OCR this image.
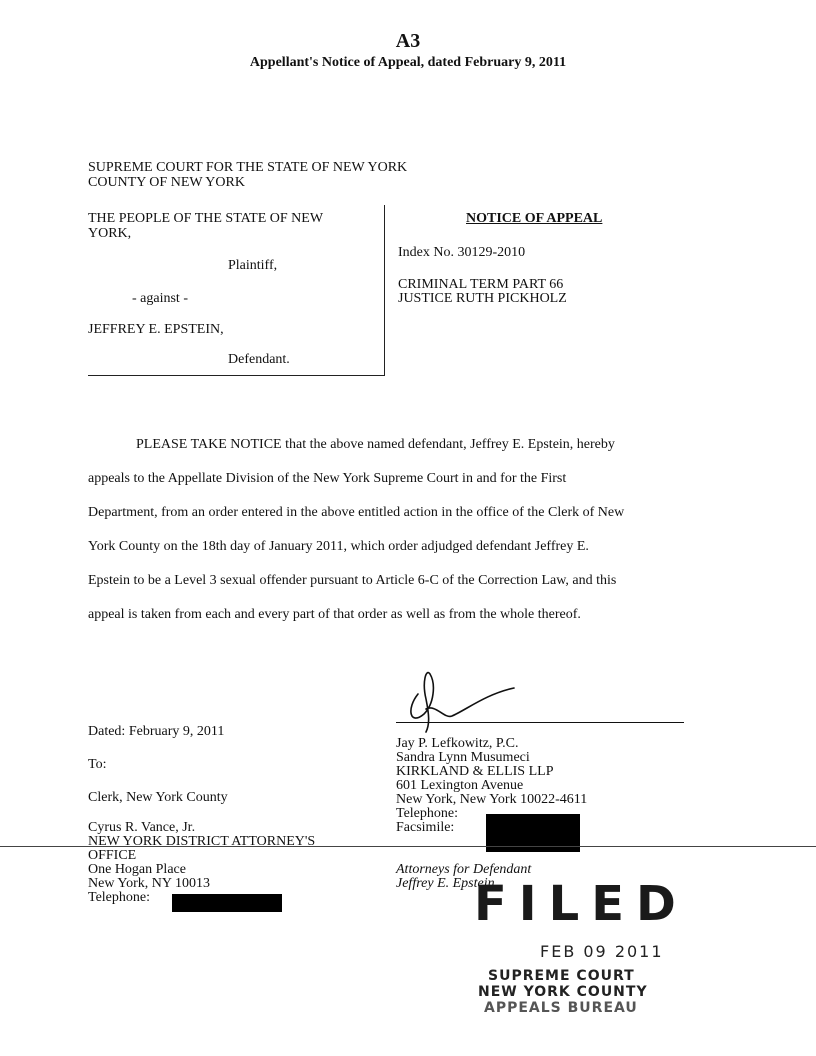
A3
Appellant's Notice of Appeal, dated February 9, 2011
SUPREME COURT FOR THE STATE OF NEW YORK
COUNTY OF NEW YORK
THE PEOPLE OF THE STATE OF NEW
YORK,
Plaintiff,
- against -
JEFFREY E. EPSTEIN,
Defendant.
NOTICE OF APPEAL
Index No. 30129-2010
CRIMINAL TERM PART 66
JUSTICE RUTH PICKHOLZ

PLEASE TAKE NOTICE that the above named defendant, Jeffrey E. Epstein, hereby

appeals to the Appellate Division of the New York Supreme Court in and for the First

Department, from an order entered in the above entitled action in the office of the Clerk of New

York County on the 18th day of January 2011, which order adjudged defendant Jeffrey E.

Epstein to be a Level 3 sexual offender pursuant to Article 6-C of the Correction Law, and this

appeal is taken from each and every part of that order as well as from the whole thereof.

Dated: February 9, 2011
To:
Clerk, New York County
Cyrus R. Vance, Jr.
NEW YORK DISTRICT ATTORNEY'S
OFFICE
One Hogan Place
New York, NY 10013
Telephone:
Jay P. Lefkowitz, P.C.
Sandra Lynn Musumeci
KIRKLAND & ELLIS LLP
601 Lexington Avenue
New York, New York 10022-4611
Telephone:
Facsimile:
Attorneys for Defendant
Jeffrey E. Epstein
FILED
FEB 09 2011
SUPREME COURT
NEW YORK COUNTY
APPEALS BUREAU
